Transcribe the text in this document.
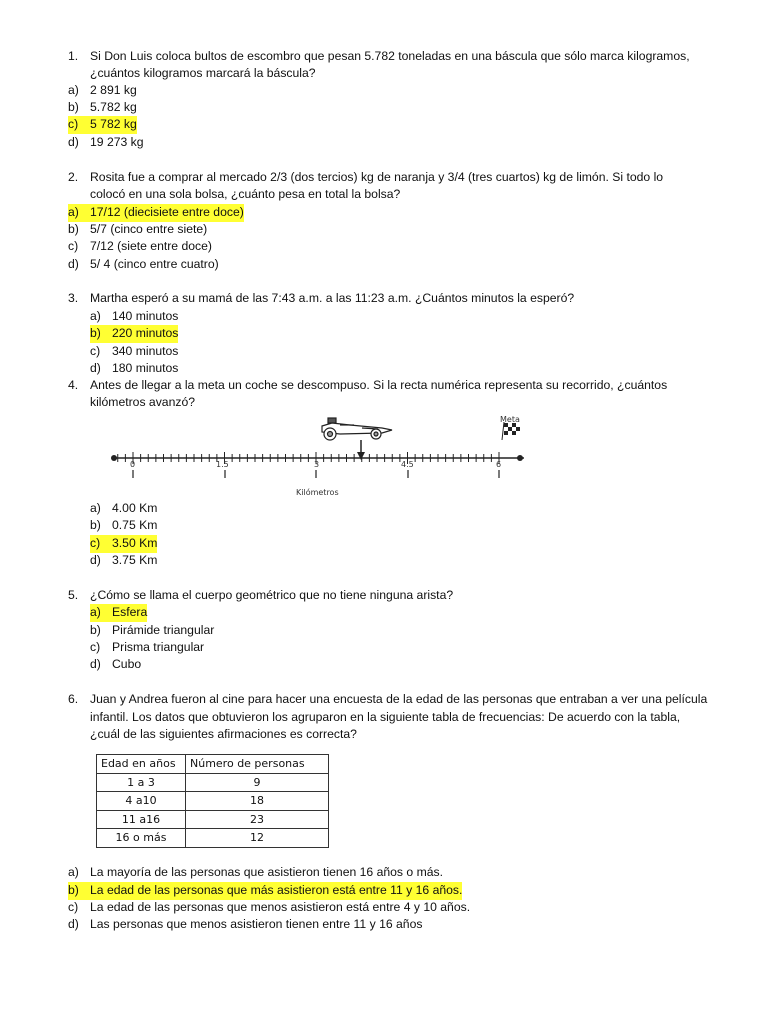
1. Si Don Luis coloca bultos de escombro que pesan 5.782 toneladas en una báscula que sólo marca kilogramos,
¿cuántos kilogramos marcará la báscula?
a) 2 891 kg
b) 5.782 kg
c) 5 782 kg
d) 19 273 kg
2. Rosita fue a comprar al mercado 2/3 (dos tercios) kg de naranja y 3/4 (tres cuartos) kg de limón. Si todo lo
colocó en una sola bolsa, ¿cuánto pesa en total la bolsa?
a) 17/12 (diecisiete entre doce)
b) 5/7 (cinco entre siete)
c) 7/12 (siete entre doce)
d) 5/ 4 (cinco entre cuatro)
3. Martha esperó a su mamá de las 7:43 a.m. a las 11:23 a.m. ¿Cuántos minutos la esperó?
a) 140 minutos
b) 220 minutos
c) 340 minutos
d) 180 minutos
4. Antes de llegar a la meta un coche se descompuso. Si la recta numérica representa su recorrido, ¿cuántos
kilómetros avanzó?
Meta
0	1.5	3	4.5	6
Kilómetros
a) 4.00 Km
b) 0.75 Km
c) 3.50 Km
d) 3.75 Km
5. ¿Cómo se llama el cuerpo geométrico que no tiene ninguna arista?
a) Esfera
b) Pirámide triangular
c) Prisma triangular
d) Cubo
6. Juan y Andrea fueron al cine para hacer una encuesta de la edad de las personas que entraban a ver una película
infantil. Los datos que obtuvieron los agruparon en la siguiente tabla de frecuencias: De acuerdo con la tabla,
¿cuál de las siguientes afirmaciones es correcta?
Edad en años	Número de personas
1 a 3	9
4 a10	18
11 a16	23
16 o más	12
a) La mayoría de las personas que asistieron tienen 16 años o más.
b) La edad de las personas que más asistieron está entre 11 y 16 años.
c) La edad de las personas que menos asistieron está entre 4 y 10 años.
d) Las personas que menos asistieron tienen entre 11 y 16 años
